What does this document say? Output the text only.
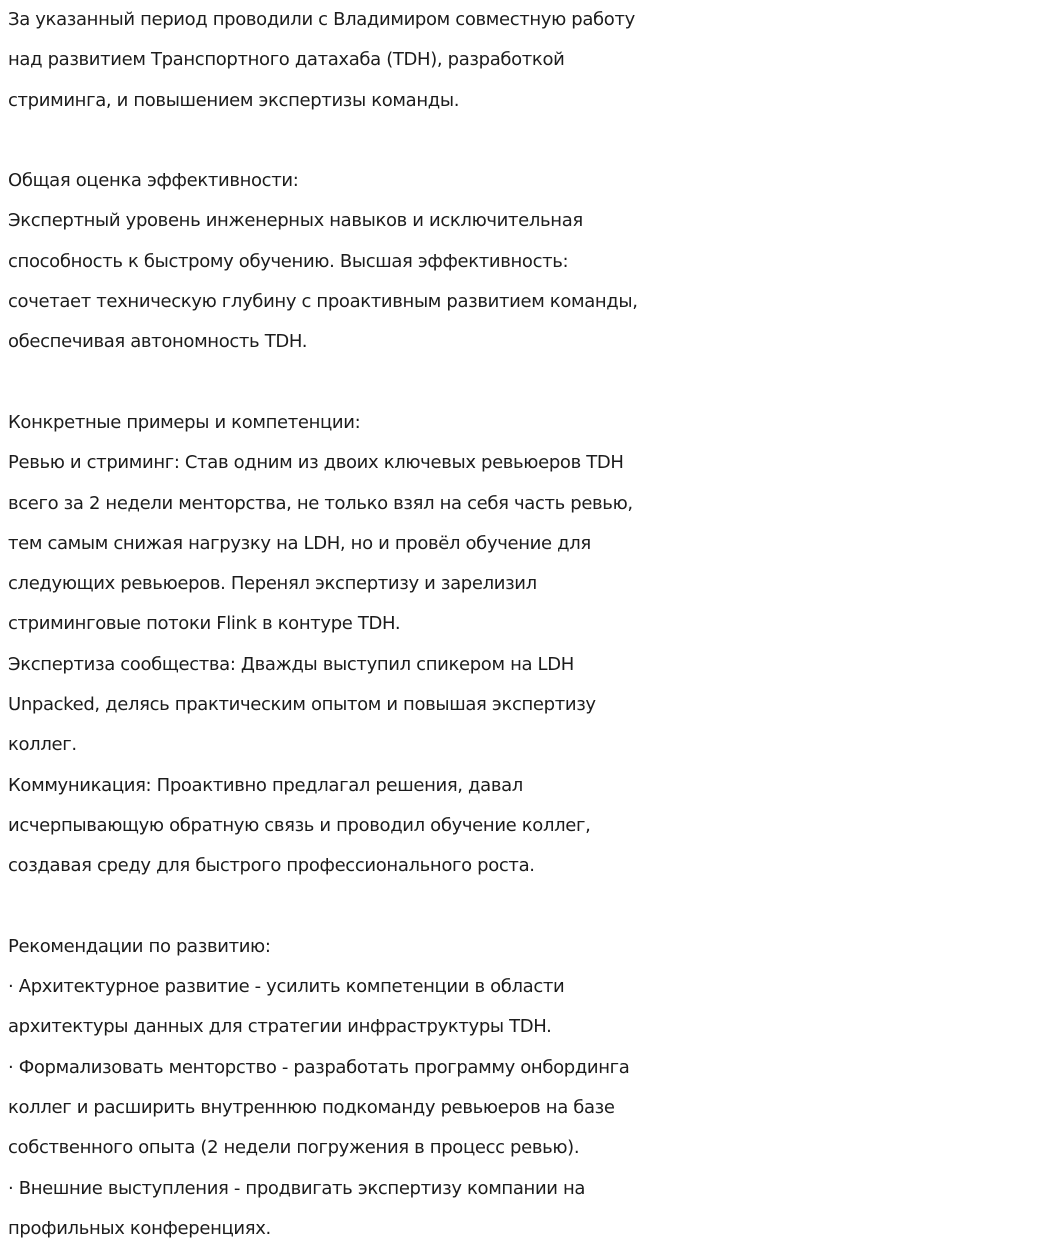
За указанный период проводили с Владимиром совместную работу
над развитием Транспортного датахаба (TDH), разработкой
стриминга, и повышением экспертизы команды.
Общая оценка эффективности:
Экспертный уровень инженерных навыков и исключительная
способность к быстрому обучению. Высшая эффективность:
сочетает техническую глубину с проактивным развитием команды,
обеспечивая автономность TDH.
Конкретные примеры и компетенции:
Ревью и стриминг: Став одним из двоих ключевых ревьюеров TDH
всего за 2 недели менторства, не только взял на себя часть ревью,
тем самым снижая нагрузку на LDH, но и провёл обучение для
следующих ревьюеров. Перенял экспертизу и зарелизил
стриминговые потоки Flink в контуре TDH.
Экспертиза сообщества: Дважды выступил спикером на LDH
Unpacked, делясь практическим опытом и повышая экспертизу
коллег.
Коммуникация: Проактивно предлагал решения, давал
исчерпывающую обратную связь и проводил обучение коллег,
создавая среду для быстрого профессионального роста.
Рекомендации по развитию:
· Архитектурное развитие - усилить компетенции в области
архитектуры данных для стратегии инфраструктуры TDH.
· Формализовать менторство - разработать программу онбординга
коллег и расширить внутреннюю подкоманду ревьюеров на базе
собственного опыта (2 недели погружения в процесс ревью).
· Внешние выступления - продвигать экспертизу компании на
профильных конференциях.
